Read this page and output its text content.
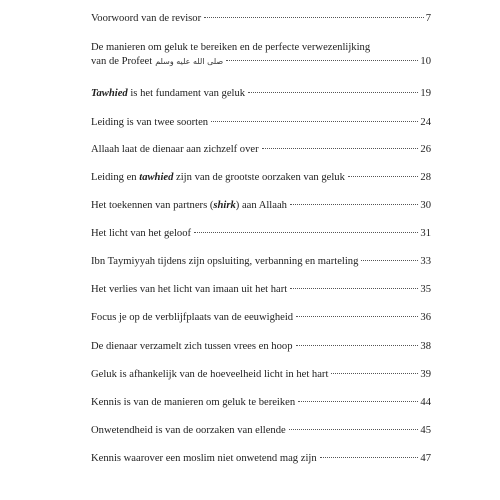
Voorwoord van de revisor	7
De manieren om geluk te bereiken en de perfecte verwezenlijking
van de Profeet صلى الله عليه وسلم	10
Tawhied is het fundament van geluk	19
Leiding is van twee soorten	24
Allaah laat de dienaar aan zichzelf over	26
Leiding en tawhied zijn van de grootste oorzaken van geluk	28
Het toekennen van partners (shirk) aan Allaah	30
Het licht van het geloof	31
Ibn Taymiyyah tijdens zijn opsluiting, verbanning en marteling	33
Het verlies van het licht van imaan uit het hart	35
Focus je op de verblijfplaats van de eeuwigheid	36
De dienaar verzamelt zich tussen vrees en hoop	38
Geluk is afhankelijk van de hoeveelheid licht in het hart	39
Kennis is van de manieren om geluk te bereiken	44
Onwetendheid is van de oorzaken van ellende	45
Kennis waarover een moslim niet onwetend mag zijn	47
